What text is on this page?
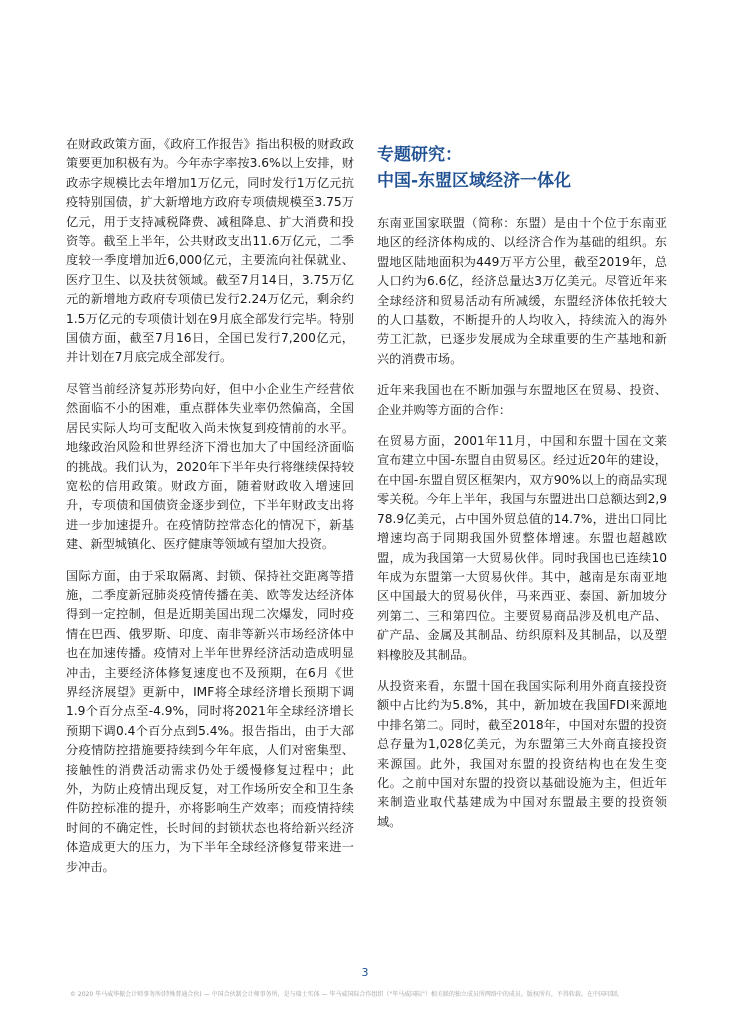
在财政政策方面，《政府工作报告》指出积极的财政政策要更加积极有为。今年赤字率按3.6%以上安排，财政赤字规模比去年增加1万亿元，同时发行1万亿元抗疫特别国债，扩大新增地方政府专项债规模至3.75万亿元，用于支持减税降费、减租降息、扩大消费和投资等。截至上半年，公共财政支出11.6万亿元，二季度较一季度增加近6,000亿元，主要流向社保就业、医疗卫生、以及扶贫领域。截至7月14日，3.75万亿元的新增地方政府专项债已发行2.24万亿元，剩余约1.5万亿元的专项债计划在9月底全部发行完毕。特别国债方面，截至7月16日，全国已发行7,200亿元，并计划在7月底完成全部发行。

尽管当前经济复苏形势向好，但中小企业生产经营依然面临不小的困难，重点群体失业率仍然偏高，全国居民实际人均可支配收入尚未恢复到疫情前的水平。地缘政治风险和世界经济下滑也加大了中国经济面临的挑战。我们认为，2020年下半年央行将继续保持较宽松的信用政策。财政方面，随着财政收入增速回升，专项债和国债资金逐步到位，下半年财政支出将进一步加速提升。在疫情防控常态化的情况下，新基建、新型城镇化、医疗健康等领域有望加大投资。

国际方面，由于采取隔离、封锁、保持社交距离等措施，二季度新冠肺炎疫情传播在美、欧等发达经济体得到一定控制，但是近期美国出现二次爆发，同时疫情在巴西、俄罗斯、印度、南非等新兴市场经济体中也在加速传播。疫情对上半年世界经济活动造成明显冲击，主要经济体修复速度也不及预期，在6月《世界经济展望》更新中，IMF将全球经济增长预期下调1.9个百分点至-4.9%，同时将2021年全球经济增长预期下调0.4个百分点到5.4%。报告指出，由于大部分疫情防控措施要持续到今年年底，人们对密集型、接触性的消费活动需求仍处于缓慢修复过程中；此外，为防止疫情出现反复，对工作场所安全和卫生条件防控标准的提升，亦将影响生产效率；而疫情持续时间的不确定性，长时间的封锁状态也将给新兴经济体造成更大的压力，为下半年全球经济修复带来进一步冲击。

专题研究：
中国-东盟区域经济一体化

东南亚国家联盟（简称：东盟）是由十个位于东南亚地区的经济体构成的、以经济合作为基础的组织。东盟地区陆地面积为449万平方公里，截至2019年，总人口约为6.6亿，经济总量达3万亿美元。尽管近年来全球经济和贸易活动有所减缓，东盟经济体依托较大的人口基数，不断提升的人均收入，持续流入的海外劳工汇款，已逐步发展成为全球重要的生产基地和新兴的消费市场。

近年来我国也在不断加强与东盟地区在贸易、投资、企业并购等方面的合作：

在贸易方面，2001年11月，中国和东盟十国在文莱宣布建立中国-东盟自由贸易区。经过近20年的建设，在中国-东盟自贸区框架内，双方90%以上的商品实现零关税。今年上半年，我国与东盟进出口总额达到2,978.9亿美元，占中国外贸总值的14.7%，进出口同比增速均高于同期我国外贸整体增速。东盟也超越欧盟，成为我国第一大贸易伙伴。同时我国也已连续10年成为东盟第一大贸易伙伴。其中，越南是东南亚地区中国最大的贸易伙伴，马来西亚、泰国、新加坡分列第二、三和第四位。主要贸易商品涉及机电产品、矿产品、金属及其制品、纺织原料及其制品，以及塑料橡胶及其制品。

从投资来看，东盟十国在我国实际利用外商直接投资额中占比约为5.8%，其中，新加坡在我国FDI来源地中排名第二。同时，截至2018年，中国对东盟的投资总存量为1,028亿美元，为东盟第三大外商直接投资来源国。此外，我国对东盟的投资结构也在发生变化。之前中国对东盟的投资以基础设施为主，但近年来制造业取代基建成为中国对东盟最主要的投资领域。

3
© 2020 毕马威华振会计师事务所(特殊普通合伙) — 中国合伙制会计师事务所，是与瑞士实体 — 毕马威国际合作组织（"毕马威国际"）相关联的独立成员所网络中的成员。版权所有，不得转载。在中国印制。
